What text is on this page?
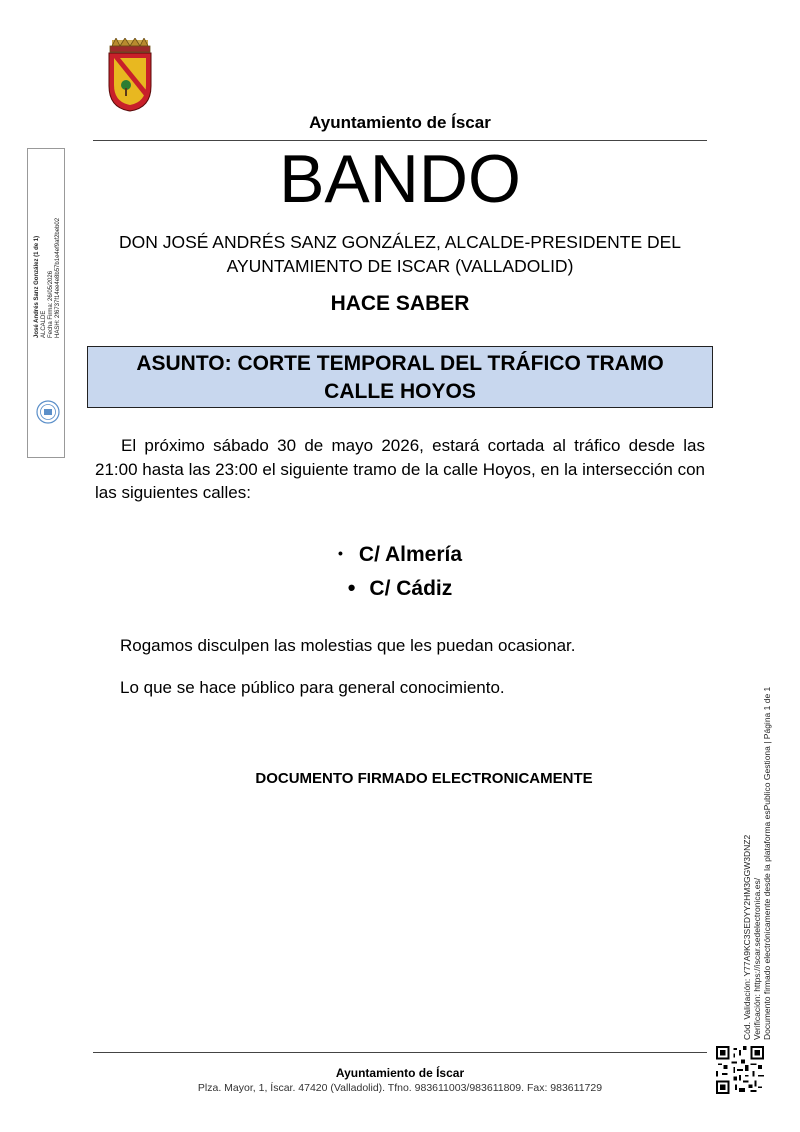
Ayuntamiento de Íscar
BANDO
DON JOSÉ ANDRÉS SANZ GONZÁLEZ, ALCALDE-PRESIDENTE DEL
AYUNTAMIENTO DE ISCAR (VALLADOLID)
HACE SABER
ASUNTO: CORTE TEMPORAL DEL TRÁFICO TRAMO
CALLE HOYOS
El próximo sábado 30 de mayo 2026, estará cortada al tráfico desde las 21:00 hasta las 23:00 el siguiente tramo de la calle Hoyos, en la intersección con las siguientes calles:
• C/ Almería
• C/ Cádiz
Rogamos disculpen las molestias que les puedan ocasionar.
Lo que se hace público para general conocimiento.
DOCUMENTO FIRMADO ELECTRONICAMENTE
José Andrés Sanz González (1 de 1) ALCALDE Fecha Firma: 26/05/2026 HASH: 2f6737f14ee4e8b57b1e4ef9af2beb02
Cód. Validación: Y77A9KC3SEDYY2HM3GGW3DNZ2 Verificación: https://iscar.sedelectronica.es/ Documento firmado electrónicamente desde la plataforma esPublico Gestiona | Página 1 de 1
Ayuntamiento de Íscar
Plza. Mayor, 1, Íscar. 47420 (Valladolid). Tfno. 983611003/983611809. Fax: 983611729
